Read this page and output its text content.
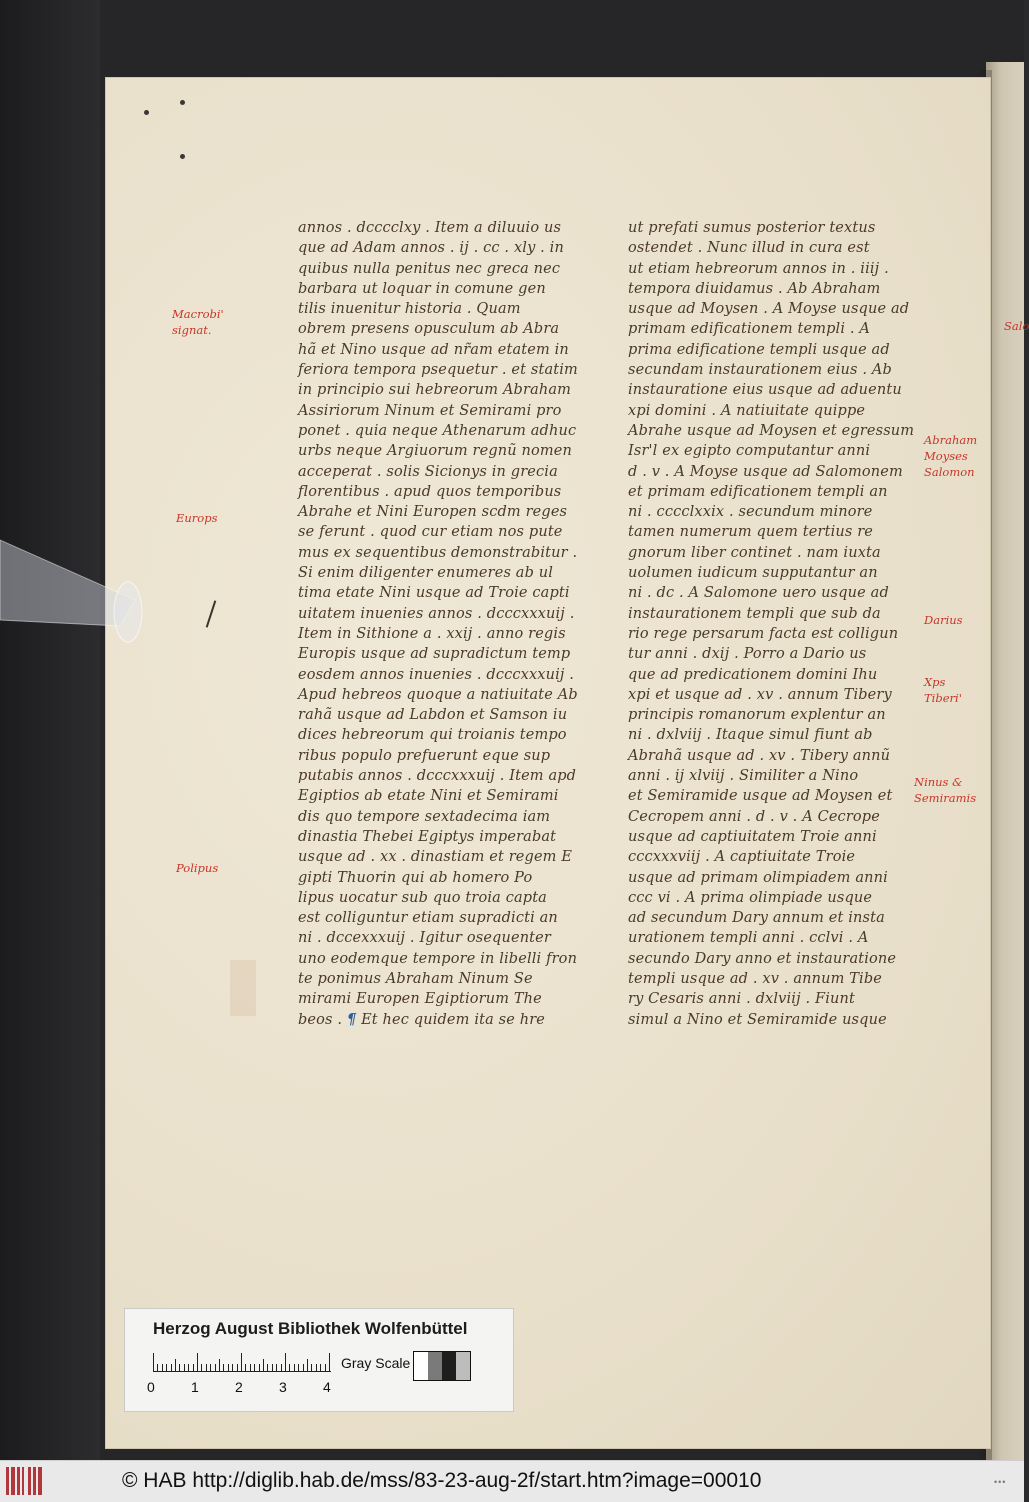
annos . dcccclxy . Item a diluuio us
que ad Adam annos . ij . cc . xly . in
quibus nulla penitus nec greca nec
barbara ut loquar in comune gen
tilis inuenitur historia . Quam
obrem presens opusculum ab Abra
hã et Nino usque ad nr̃am etatem in
feriora tempora psequetur . et statim
in principio sui hebreorum Abraham
Assiriorum Ninum et Semirami pro
ponet . quia neque Athenarum adhuc
urbs neque Argiuorum regnũ nomen
acceperat . solis Sicionys in grecia
florentibus . apud quos temporibus
Abrahe et Nini Europen scdm reges
se ferunt . quod cur etiam nos pute
mus ex sequentibus demonstrabitur .
Si enim diligenter enumeres ab ul
tima etate Nini usque ad Troie capti
uitatem inuenies annos . dcccxxxuij .
Item in Sithione a . xxij . anno regis
Europis usque ad supradictum temp
eosdem annos inuenies . dcccxxxuij .
Apud hebreos quoque a natiuitate Ab
rahã usque ad Labdon et Samson iu
dices hebreorum qui troianis tempo
ribus populo prefuerunt eque sup
putabis annos . dcccxxxuij . Item apd
Egiptios ab etate Nini et Semirami
dis quo tempore sextadecima iam
dinastia Thebei Egiptys imperabat
usque ad . xx . dinastiam et regem E
gipti Thuorin qui ab homero Po
lipus uocatur sub quo troia capta
est colliguntur etiam supradicti an
ni . dccexxxuij . Igitur osequenter
uno eodemque tempore in libelli fron
te ponimus Abraham Ninum Se
mirami Europen Egiptiorum The
beos . ¶ Et hec quidem ita se hre
ut prefati sumus posterior textus
ostendet . Nunc illud in cura est
ut etiam hebreorum annos in . iiij .
tempora diuidamus . Ab Abraham
usque ad Moysen . A Moyse usque ad
primam edificationem templi . A
prima edificatione templi usque ad
secundam instaurationem eius . Ab
instauratione eius usque ad aduentu
xpi domini . A natiuitate quippe
Abrahe usque ad Moysen et egressum
Isr'l ex egipto computantur anni
d . v . A Moyse usque ad Salomonem
et primam edificationem templi an
ni . cccclxxix . secundum minore
tamen numerum quem tertius re
gnorum liber continet . nam iuxta
uolumen iudicum supputantur an
ni . dc . A Salomone uero usque ad
instaurationem templi que sub da
rio rege persarum facta est colligun
tur anni . dxij . Porro a Dario us
que ad predicationem domini Ihu
xpi et usque ad . xv . annum Tibery
principis romanorum explentur an
ni . dxlviij . Itaque simul fiunt ab
Abrahã usque ad . xv . Tibery annũ
anni . ij xlviij . Similiter a Nino
et Semiramide usque ad Moysen et
Cecropem anni . d . v . A Cecrope
usque ad captiuitatem Troie anni
cccxxxviij . A captiuitate Troie
usque ad primam olimpiadem anni
ccc vi . A prima olimpiade usque
ad secundum Dary annum et insta
urationem templi anni . cclvi . A
secundo Dary anno et instauratione
templi usque ad . xv . annum Tibe
ry Cesaris anni . dxlviij . Fiunt
simul a Nino et Semiramide usque
Macrobi'
signat.
Europs
Polipus
Abraham
Moyses
Salomon
Darius
Xps
Tiberi'
Ninus &
Semiramis
Salo
Herzog August Bibliothek Wolfenbüttel
0	1	2	3	4
Gray Scale
© HAB http://diglib.hab.de/mss/83-23-aug-2f/start.htm?image=00010	•••
